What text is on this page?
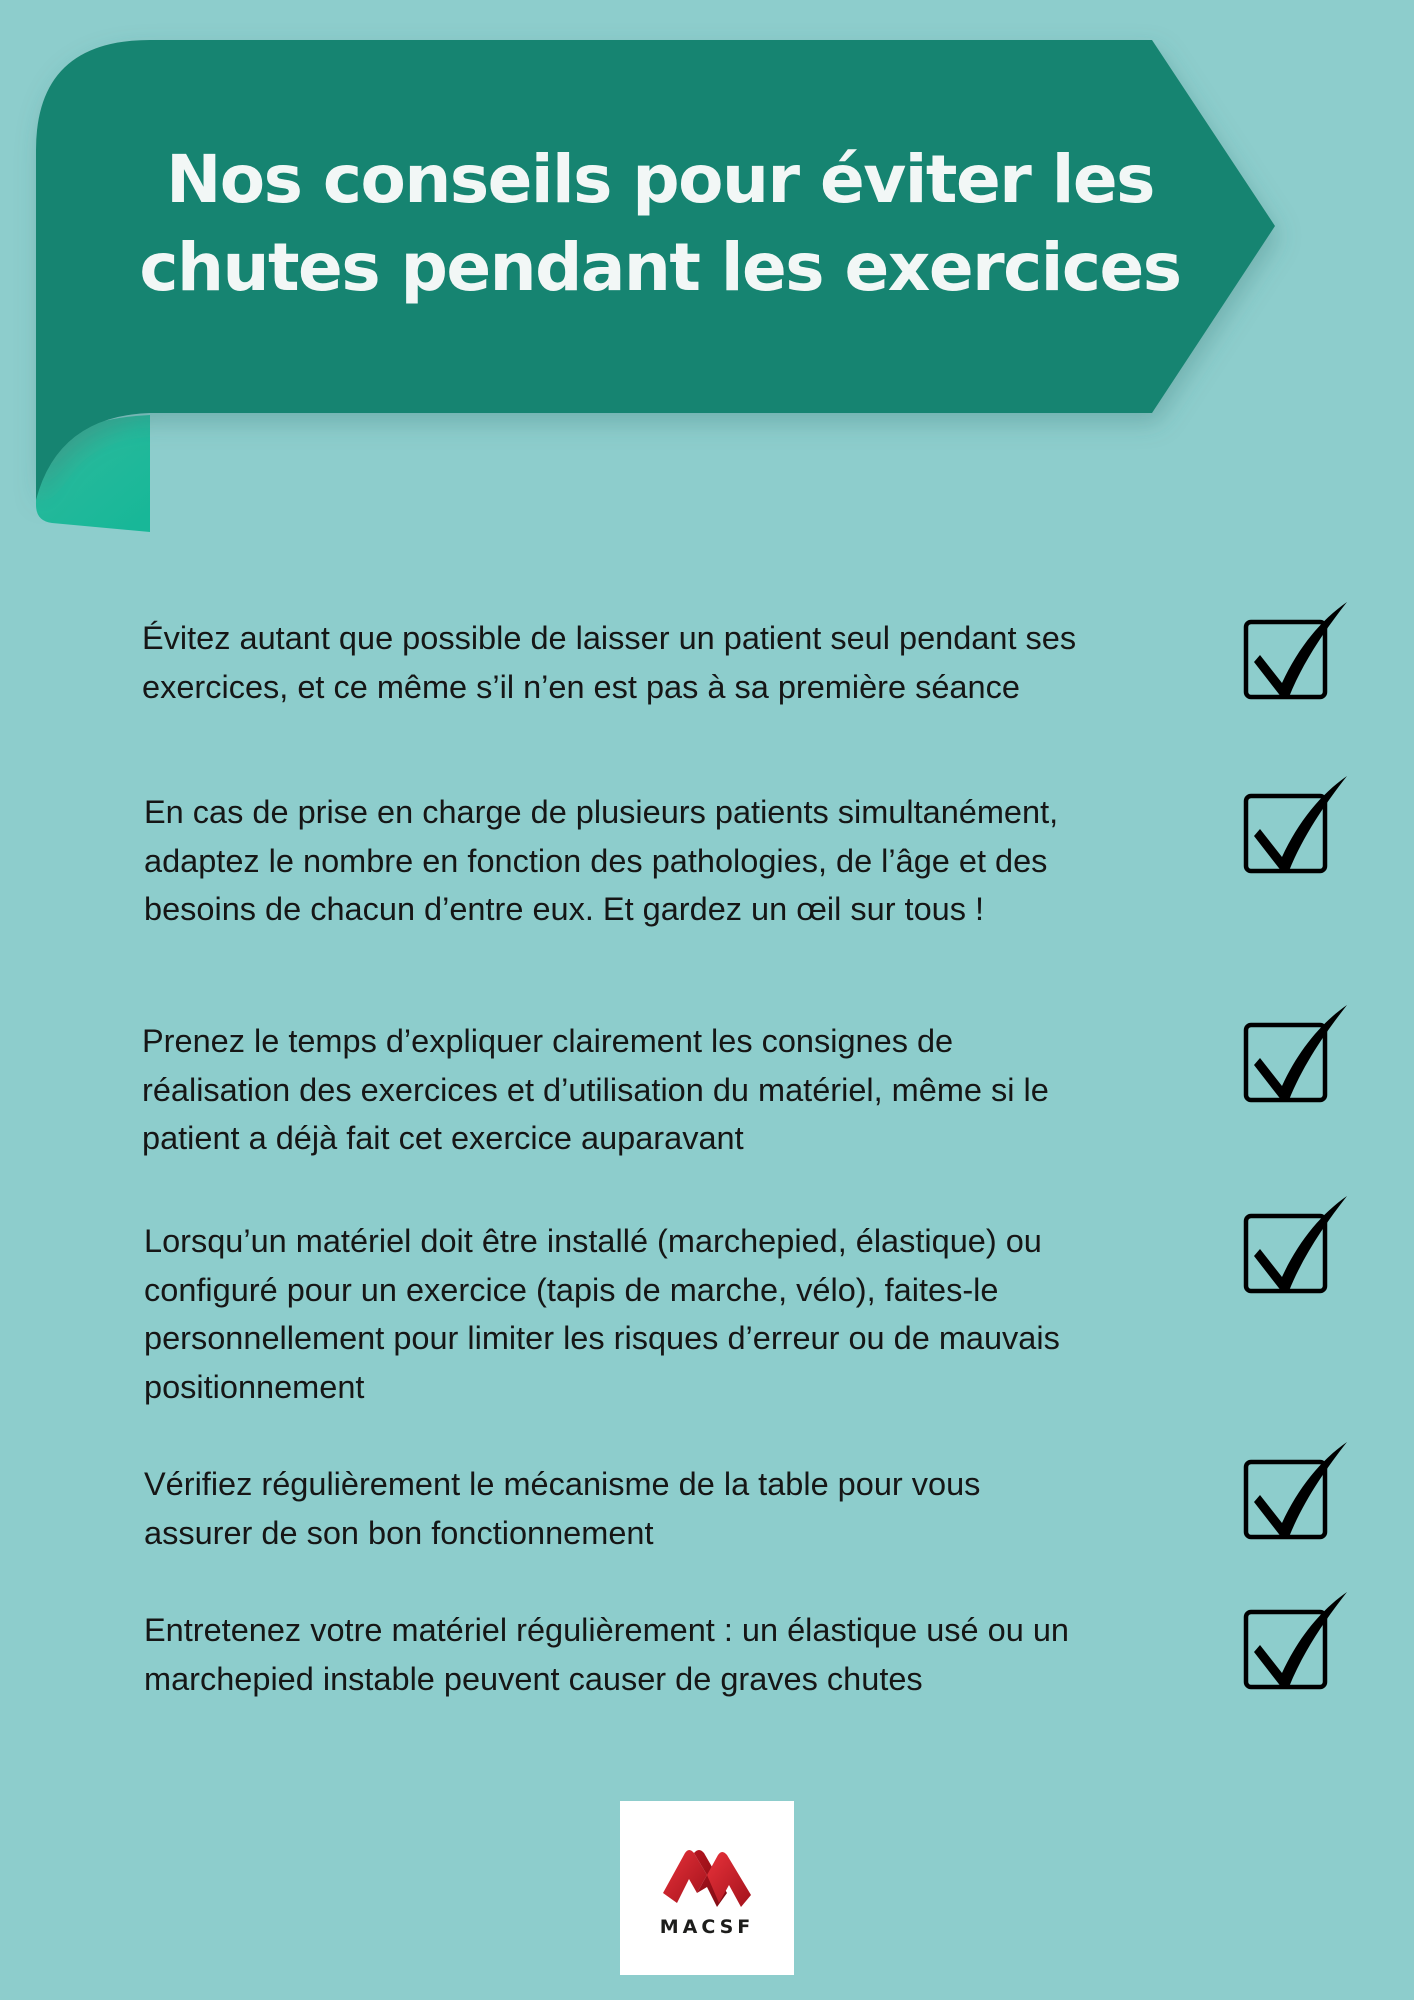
Nos conseils pour éviter les
chutes pendant les exercices

Évitez autant que possible de laisser un patient seul pendant ses
exercices, et ce même s’il n’en est pas à sa première séance

En cas de prise en charge de plusieurs patients simultanément,
adaptez le nombre en fonction des pathologies, de l’âge et des
besoins de chacun d’entre eux. Et gardez un œil sur tous !

Prenez le temps d’expliquer clairement les consignes de
réalisation des exercices et d’utilisation du matériel, même si le
patient a déjà fait cet exercice auparavant

Lorsqu’un matériel doit être installé (marchepied, élastique) ou
configuré pour un exercice (tapis de marche, vélo), faites-le
personnellement pour limiter les risques d’erreur ou de mauvais
positionnement

Vérifiez régulièrement le mécanisme de la table pour vous
assurer de son bon fonctionnement

Entretenez votre matériel régulièrement : un élastique usé ou un
marchepied instable peuvent causer de graves chutes

MACSF
